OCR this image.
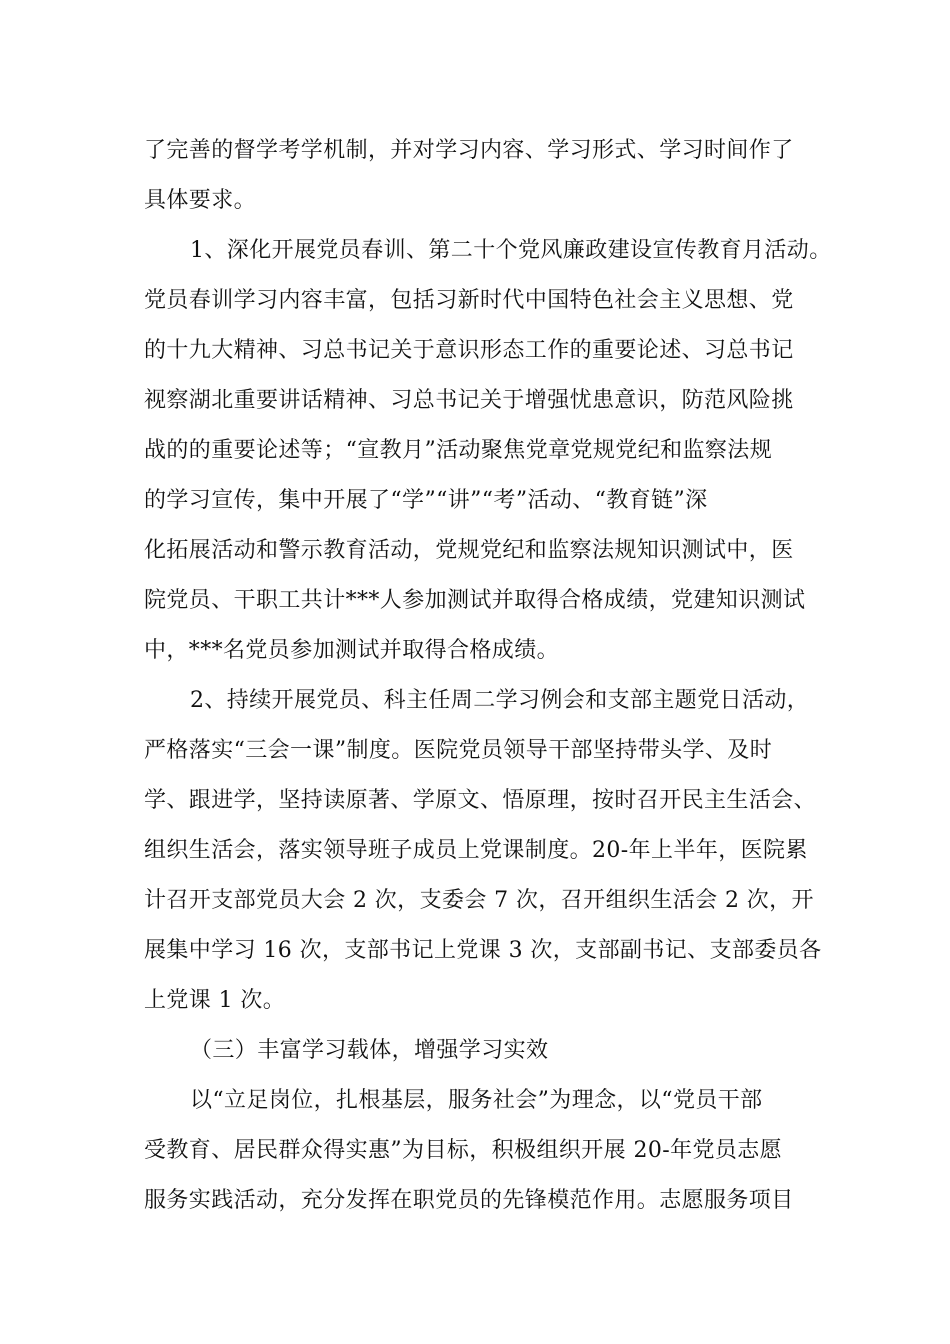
了完善的督学考学机制，并对学习内容、学习形式、学习时间作了
具体要求。
1、深化开展党员春训、第二十个党风廉政建设宣传教育月活动。
党员春训学习内容丰富，包括习新时代中国特色社会主义思想、党
的十九大精神、习总书记关于意识形态工作的重要论述、习总书记
视察湖北重要讲话精神、习总书记关于增强忧患意识，防范风险挑
战的的重要论述等；“宣教月”活动聚焦党章党规党纪和监察法规
的学习宣传，集中开展了“学”“讲”“考”活动、“教育链”深
化拓展活动和警示教育活动，党规党纪和监察法规知识测试中，医
院党员、干职工共计***人参加测试并取得合格成绩，党建知识测试
中，***名党员参加测试并取得合格成绩。
2、持续开展党员、科主任周二学习例会和支部主题党日活动，
严格落实“三会一课”制度。医院党员领导干部坚持带头学、及时
学、跟进学，坚持读原著、学原文、悟原理，按时召开民主生活会、
组织生活会，落实领导班子成员上党课制度。20-年上半年，医院累
计召开支部党员大会 2 次，支委会 7 次，召开组织生活会 2 次，开
展集中学习 16 次，支部书记上党课 3 次，支部副书记、支部委员各
上党课 1 次。
（三）丰富学习载体，增强学习实效
以“立足岗位，扎根基层，服务社会”为理念，以“党员干部
受教育、居民群众得实惠”为目标，积极组织开展 20-年党员志愿
服务实践活动，充分发挥在职党员的先锋模范作用。志愿服务项目
